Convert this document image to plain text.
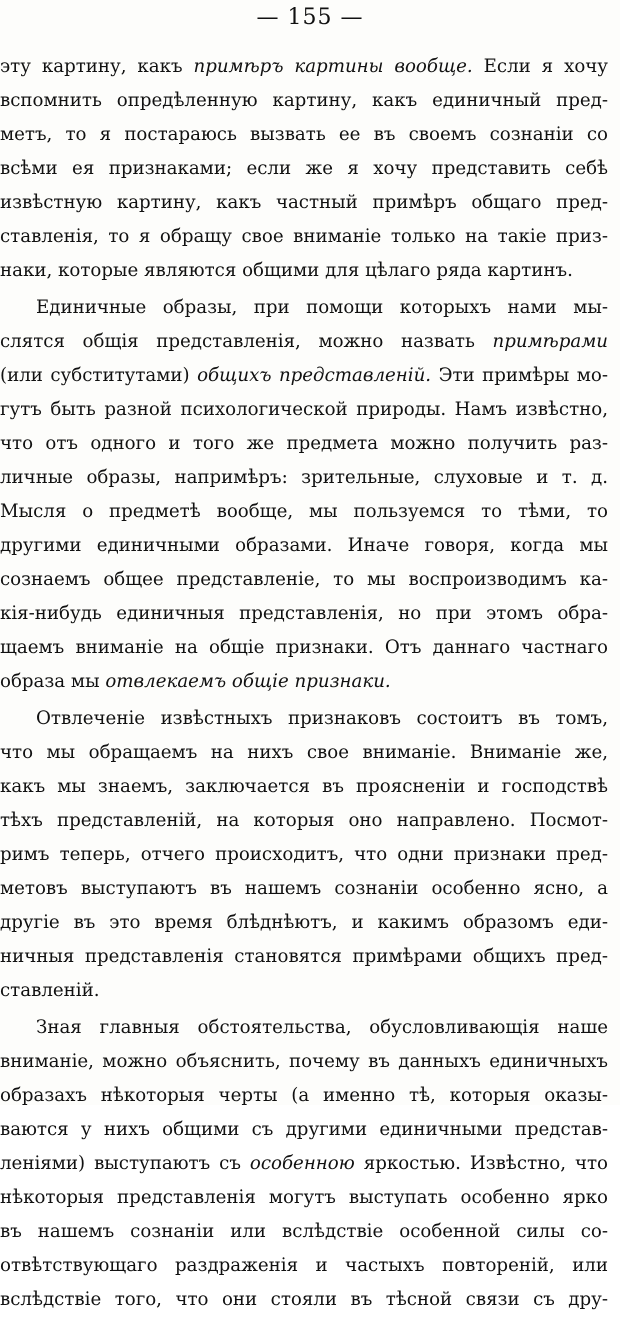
— 155 —
эту картину, какъ примѣръ картины вообще. Если я хочу
вспомнить опредѣленную картину, какъ единичный пред-
метъ, то я постараюсь вызвать ее въ своемъ сознаніи со
всѣми ея признаками; если же я хочу представить себѣ
извѣстную картину, какъ частный примѣръ общаго пред-
ставленія, то я обращу свое вниманіе только на такіе приз-
наки, которые являются общими для цѣлаго ряда картинъ.
Единичные образы, при помощи которыхъ нами мы-
слятся общія представленія, можно назвать примѣрами
(или субститутами) общихъ представленій. Эти примѣры мо-
гутъ быть разной психологической природы. Намъ извѣстно,
что отъ одного и того же предмета можно получить раз-
личные образы, напримѣръ: зрительные, слуховые и т. д.
Мысля о предметѣ вообще, мы пользуемся то тѣми, то
другими единичными образами. Иначе говоря, когда мы
сознаемъ общее представленіе, то мы воспроизводимъ ка-
кія-нибудь единичныя представленія, но при этомъ обра-
щаемъ вниманіе на общіе признаки. Отъ даннаго частнаго
образа мы отвлекаемъ общіе признаки.
Отвлеченіе извѣстныхъ признаковъ состоитъ въ томъ,
что мы обращаемъ на нихъ свое вниманіе. Вниманіе же,
какъ мы знаемъ, заключается въ проясненіи и господствѣ
тѣхъ представленій, на которыя оно направлено. Посмот-
римъ теперь, отчего происходитъ, что одни признаки пред-
метовъ выступаютъ въ нашемъ сознаніи особенно ясно, а
другіе въ это время блѣднѣютъ, и какимъ образомъ еди-
ничныя представленія становятся примѣрами общихъ пред-
ставленій.
Зная главныя обстоятельства, обусловливающія наше
вниманіе, можно объяснить, почему въ данныхъ единичныхъ
образахъ нѣкоторыя черты (а именно тѣ, которыя оказы-
ваются у нихъ общими съ другими единичными представ-
леніями) выступаютъ съ особенною яркостью. Извѣстно, что
нѣкоторыя представленія могутъ выступать особенно ярко
въ нашемъ сознаніи или вслѣдствіе особенной силы со-
отвѣтствующаго раздраженія и частыхъ повтореній, или
вслѣдствіе того, что они стояли въ тѣсной связи съ дру-
